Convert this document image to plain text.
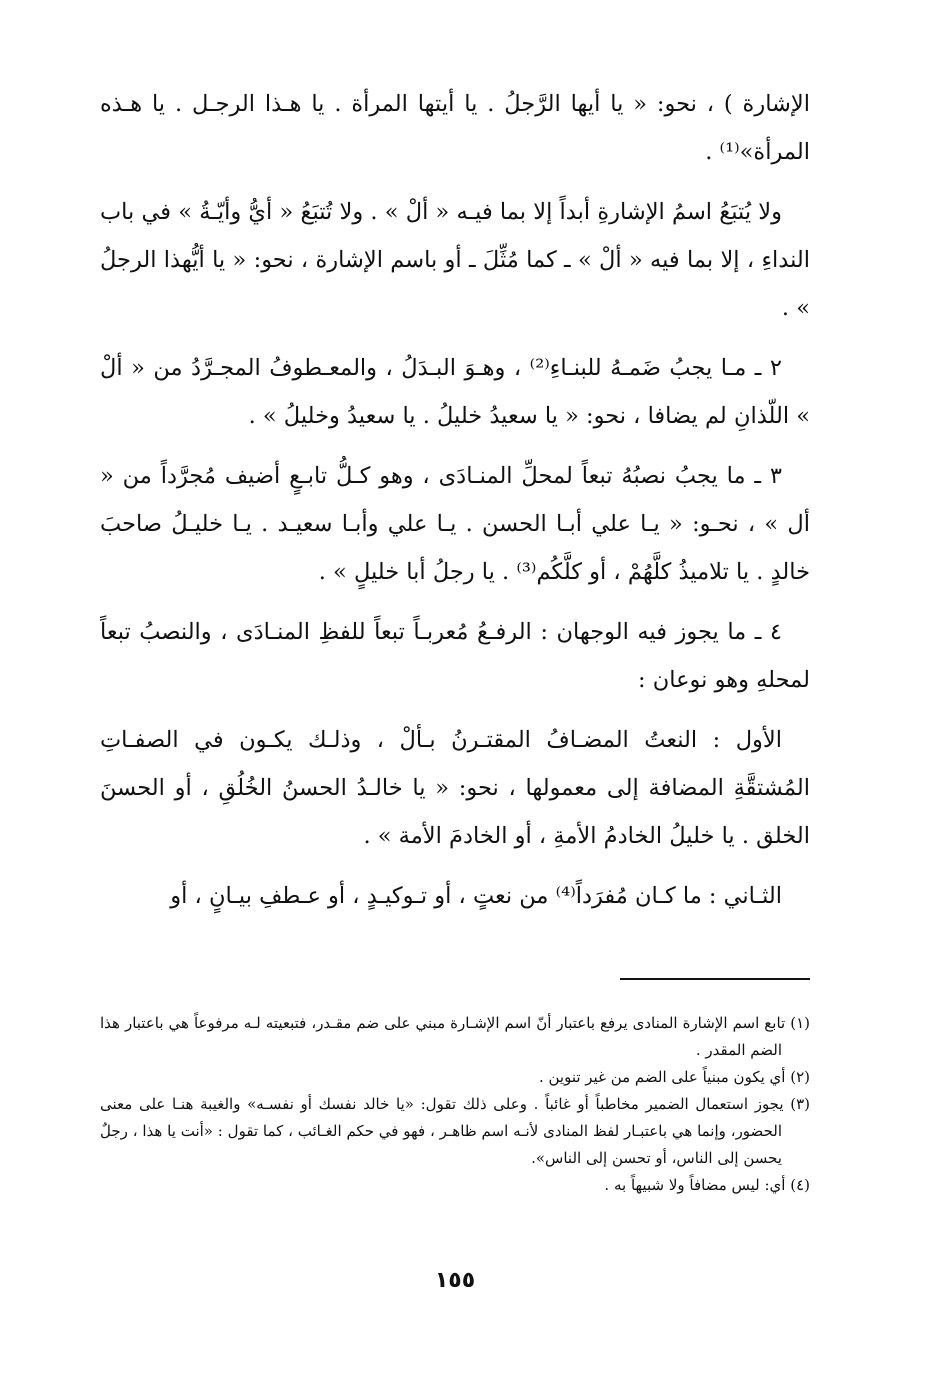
الإشارة ) ، نحو: « يا أيها الرَّجلُ . يا أيتها المرأة . يا هـذا الرجـل . يا هـذه المرأة»⁽¹⁾ .

ولا يُتبَعُ اسمُ الإشارةِ أبداً إلا بما فيـه « ألْ » . ولا تُتبَعُ « أيُّ وأيّـةُ » في باب النداءِ ، إلا بما فيه « ألْ » ـ كما مُثِّلَ ـ أو باسم الإشارة ، نحو: « يا أيُّهذا الرجلُ » .

٢ ـ مـا يجبُ ضَمـهُ للبنـاءِ⁽²⁾ ، وهـوَ البـدَلُ ، والمعـطوفُ المجـرَّدُ من « ألْ » اللّذانِ لم يضافا ، نحو: « يا سعيدُ خليلُ . يا سعيدُ وخليلُ » .

٣ ـ ما يجبُ نصبُهُ تبعاً لمحلِّ المنـادَى ، وهو كـلُّ تابـعٍ أضيف مُجرَّداً من « أل » ، نحـو: « يـا علي أبـا الحسن . يـا علي وأبـا سعيـد . يـا خليـلُ صاحبَ خالدٍ . يا تلاميذُ كلَّهُمْ ، أو كلَّكُم⁽³⁾ . يا رجلُ أبا خليلٍ » .

٤ ـ ما يجوز فيه الوجهان : الرفـعُ مُعربـاً تبعاً للفظِ المنـادَى ، والنصبُ تبعاً لمحلهِ وهو نوعان :

الأول : النعتُ المضـافُ المقتـرنُ بـألْ ، وذلـك يكـون في الصفـاتِ المُشتقَّةِ المضافة إلى معمولها ، نحو: « يا خالـدُ الحسنُ الخُلُقِ ، أو الحسنَ الخلق . يا خليلُ الخادمُ الأمةِ ، أو الخادمَ الأمة » .

الثـاني : ما كـان مُفرَداً⁽⁴⁾ من نعتٍ ، أو تـوكيـدٍ ، أو عـطفِ بيـانٍ ، أو

(١) تابع اسم الإشارة المنادى يرفع باعتبار أنّ اسم الإشـارة مبني على ضم مقـدر، فتبعيته لـه مرفوعاً هي باعتبار هذا الضم المقدر .

(٢) أي يكون مبنياً على الضم من غير تنوين .

(٣) يجوز استعمال الضمير مخاطباً أو غائباً . وعلى ذلك تقول: «يا خالد نفسك أو نفسـه» والغيبة هنـا على معنى الحضور، وإنما هي باعتبـار لفظ المنادى لأنـه اسم ظاهـر ، فهو في حكم الغـائب ، كما تقول : «أنت يا هذا ، رجلٌ يحسن إلى الناس، أو تحسن إلى الناس».

(٤) أي: ليس مضافاً ولا شبيهاً به .

١٥٥
